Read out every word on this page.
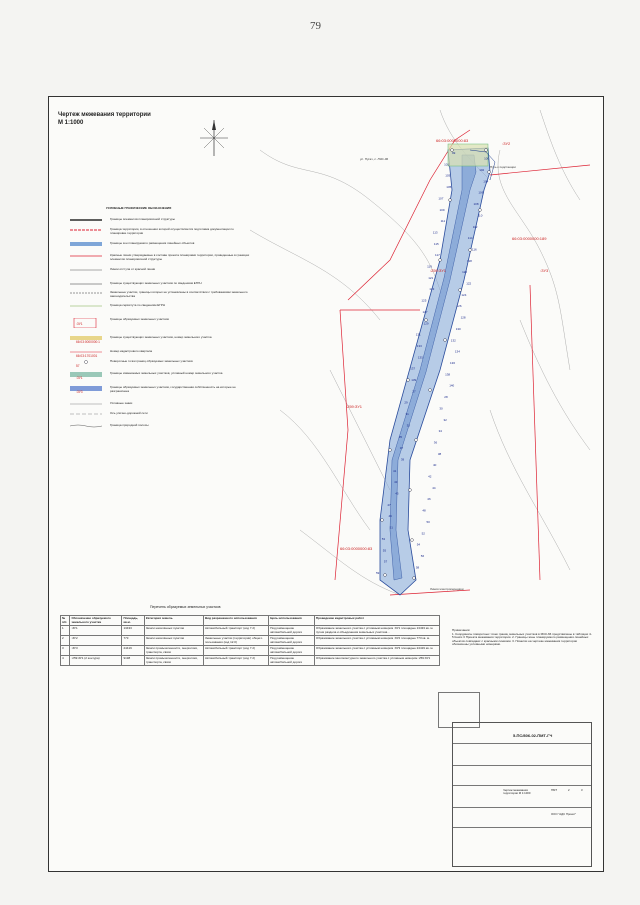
79
Чертеж межевания территории
М 1:1000
УСЛОВНЫЕ ГРАФИЧЕСКИЕ ОБОЗНАЧЕНИЯ
Границы элементов планировочной структуры
Граница территории, в отношении которой осуществляется подготовка документации по планировке территории
Границы зон планируемого размещения линейных объектов
Красные линии утверждаемые в составе проекта планировки территории, проведенные в границах элементов планировочной структуры
Линии отступа от красной линии
Границы существующих земельных участков по сведениям ЕГРН
Земельные участки, границы которых не установлены в соответствии с требованиями земельного законодательства
Граница сервитута по сведениям ЕГРН
:ЗУ1
Границы образуемых земельных участков
66:03:0000000:1
Границы существующих земельных участков, номер земельного участка
66:03:1701001
Номер кадастрового квартала
57
Поворотные точки границ образуемых земельных участков
:ЗУ1
Границы изменяемых земельных участков, условный номер земельного участка
:ЗУ3
Границы образуемых земельных участков, государственная собственность на которые не разграничена
Условные знаки
Ось улично-дорожной сети
Граница природной полосы
66:03:0000000:83
:ЗУ2
:ЗУ3
:259:ЗУ1
66:03:0000000:189
:259:ЗУ1
66:03:0000000:83
ул. Пугач, с. ЛЭС-06
Путь к подстанции
Линия электропередачи
99
100
101
102
103
104
105
106
107
108
109
110
111
112
113
114
115
116
117
118
119
120
121
122
123
124
125
126
127
128
129
130
131
132
133
134
135
136
137
138
139
140
27
28
29
30
31
32
33
34
35
36
37
38
39
40
41
42
43
44
45
46
47
48
49
50
51
52
53
54
55
56
57
58
59
Перечень образуемых земельных участков
№ п/п	Обозначение образуемого земельного участка	Площадь, кв.м.	Категория земель	Вид разрешенного использования	Цель использования	Проведение кадастровых работ
1	:ЗУ1	13433	Земли населённых пунктов	Автомобильный транспорт (код 7.2)	Под размещение автомобильной дороги	Образование земельного участка с условным номером :ЗУ1 площадью 13433 кв. м. путем раздела и объединения земельных участков...
2	:ЗУ2	773	Земли населённых пунктов	Земельные участки (территории) общего пользования (код 12.0)	Под размещение автомобильной дороги	Образование земельного участка с условным номером :ЗУ2 площадью 773 кв. м.
3	:ЗУ3	24419	Земли промышленности, энергетики, транспорта, связи	Автомобильный транспорт (код 7.2)	Под размещение автомобильной дороги	Образование земельного участка с условным номером :ЗУ3 площадью 24419 кв. м.
4	:259:ЗУ1 (2 контура)	9198	Земли промышленности, энергетики, транспорта, связи	Автомобильный транспорт (код 7.2)	Под размещение автомобильной дороги	Образование многоконтурного земельного участка с условным номером :259:ЗУ1
Примечания:
1. Координаты поворотных точек границ земельных участков в МСК-66 представлены в таблицах 4-5 Книги 3 Проекта межевания территории. 2. Границы зоны планируемого размещения линейных объектов совпадают с красными линиями. 3. Пометки на чертеже межевания территории обозначены условными номерами.
5-ПС/806-02-ПМТ-ГЧ
Чертеж межевания территории М 1:1000
ПМТ	2	3
ООО "АДС Проект"
